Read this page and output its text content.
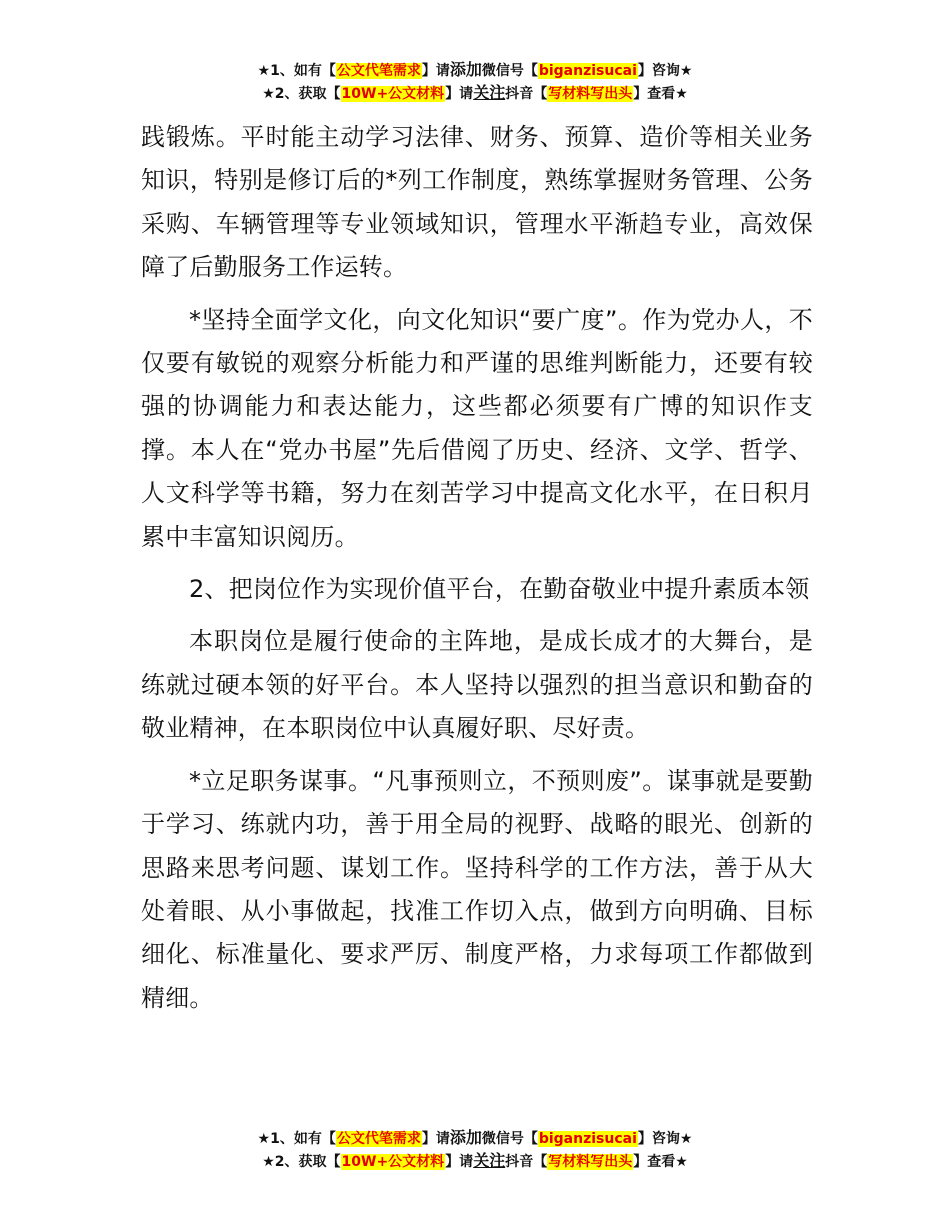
★1、如有【公文代笔需求】请添加微信号【biganzisucai】咨询★
★2、获取【10W+公文材料】请关注抖音【写材料写出头】查看★

践锻炼。平时能主动学习法律、财务、预算、造价等相关业务知识，特别是修订后的*列工作制度，熟练掌握财务管理、公务采购、车辆管理等专业领域知识，管理水平渐趋专业，高效保障了后勤服务工作运转。

*坚持全面学文化，向文化知识“要广度”。作为党办人，不仅要有敏锐的观察分析能力和严谨的思维判断能力，还要有较强的协调能力和表达能力，这些都必须要有广博的知识作支撑。本人在“党办书屋”先后借阅了历史、经济、文学、哲学、人文科学等书籍，努力在刻苦学习中提高文化水平，在日积月累中丰富知识阅历。

2、把岗位作为实现价值平台，在勤奋敬业中提升素质本领

本职岗位是履行使命的主阵地，是成长成才的大舞台，是练就过硬本领的好平台。本人坚持以强烈的担当意识和勤奋的敬业精神，在本职岗位中认真履好职、尽好责。

*立足职务谋事。“凡事预则立，不预则废”。谋事就是要勤于学习、练就内功，善于用全局的视野、战略的眼光、创新的思路来思考问题、谋划工作。坚持科学的工作方法，善于从大处着眼、从小事做起，找准工作切入点，做到方向明确、目标细化、标准量化、要求严厉、制度严格，力求每项工作都做到精细。

★1、如有【公文代笔需求】请添加微信号【biganzisucai】咨询★
★2、获取【10W+公文材料】请关注抖音【写材料写出头】查看★
